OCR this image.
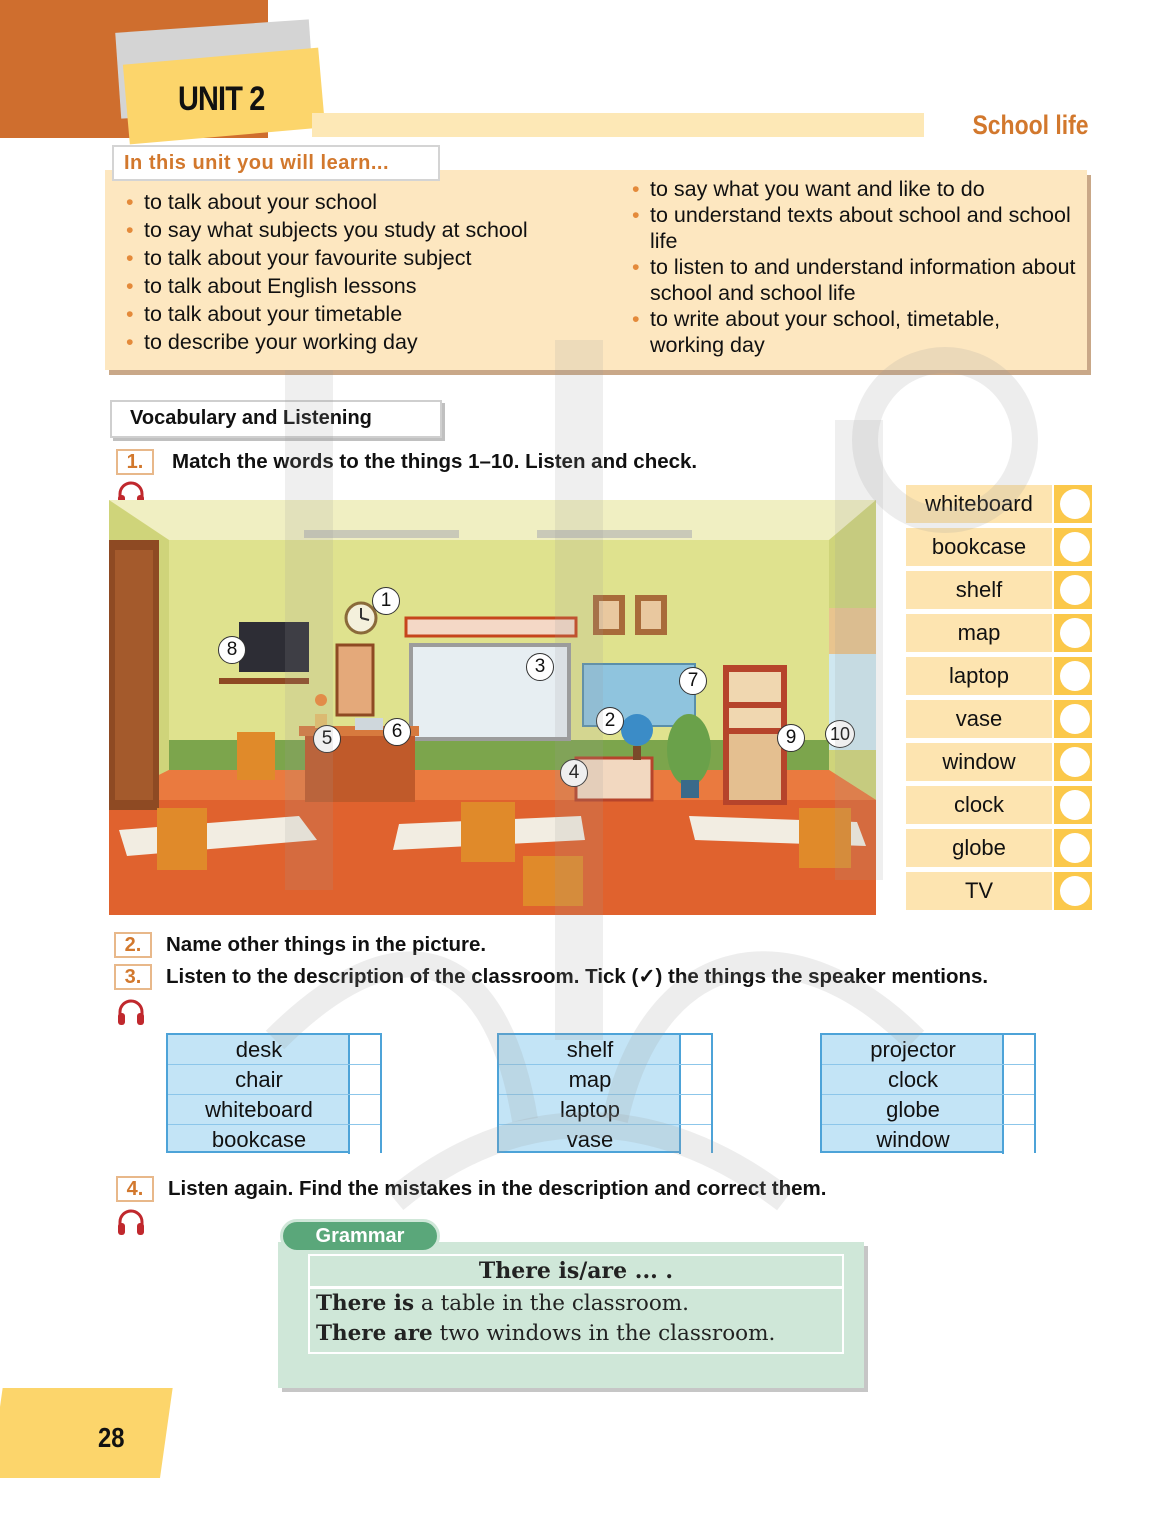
UNIT 2
School life
In this unit you will learn...
• to talk about your school
• to say what subjects you study at school
• to talk about your favourite subject
• to talk about English lessons
• to talk about your timetable
• to describe your working day
• to say what you want and like to do
• to understand texts about school and school life
• to listen to and understand information about school and school life
• to write about your school, timetable, working day
Vocabulary and Listening
1.	Match the words to the things 1–10. Listen and check.
1
2
3
4
5	6
7
8
9	10
whiteboard
bookcase
shelf
map
laptop
vase
window
clock
globe
TV
2.	Name other things in the picture.
3.	Listen to the description of the classroom. Tick (✓) the things the speaker mentions.
desk
chair
whiteboard
bookcase
shelf
map
laptop
vase
projector
clock
globe
window
4.	Listen again. Find the mistakes in the description and correct them.
Grammar
There is/are ... .
There is a table in the classroom.
There are two windows in the classroom.
28
